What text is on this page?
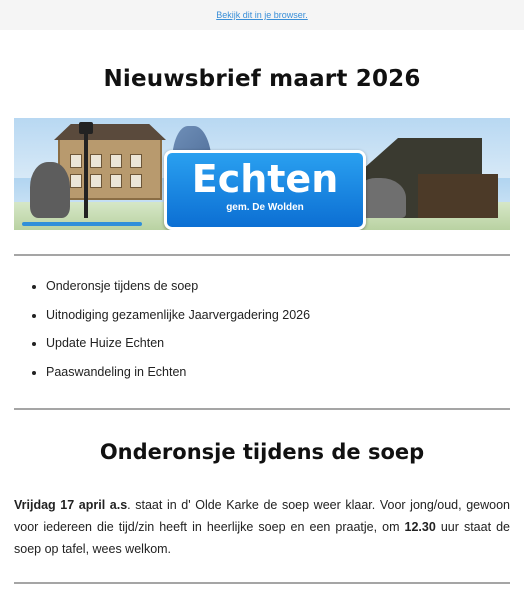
Bekijk dit in je browser.
Nieuwsbrief maart 2026
Echten
gem. De Wolden
• Onderonsje tijdens de soep
• Uitnodiging gezamenlijke Jaarvergadering 2026
• Update Huize Echten
• Paaswandeling in Echten
Onderonsje tijdens de soep

Vrijdag 17 april a.s. staat in d' Olde Karke de soep weer klaar. Voor jong/oud, gewoon voor iedereen die tijd/zin heeft in heerlijke soep en een praatje, om 12.30 uur staat de soep op tafel, wees welkom.
